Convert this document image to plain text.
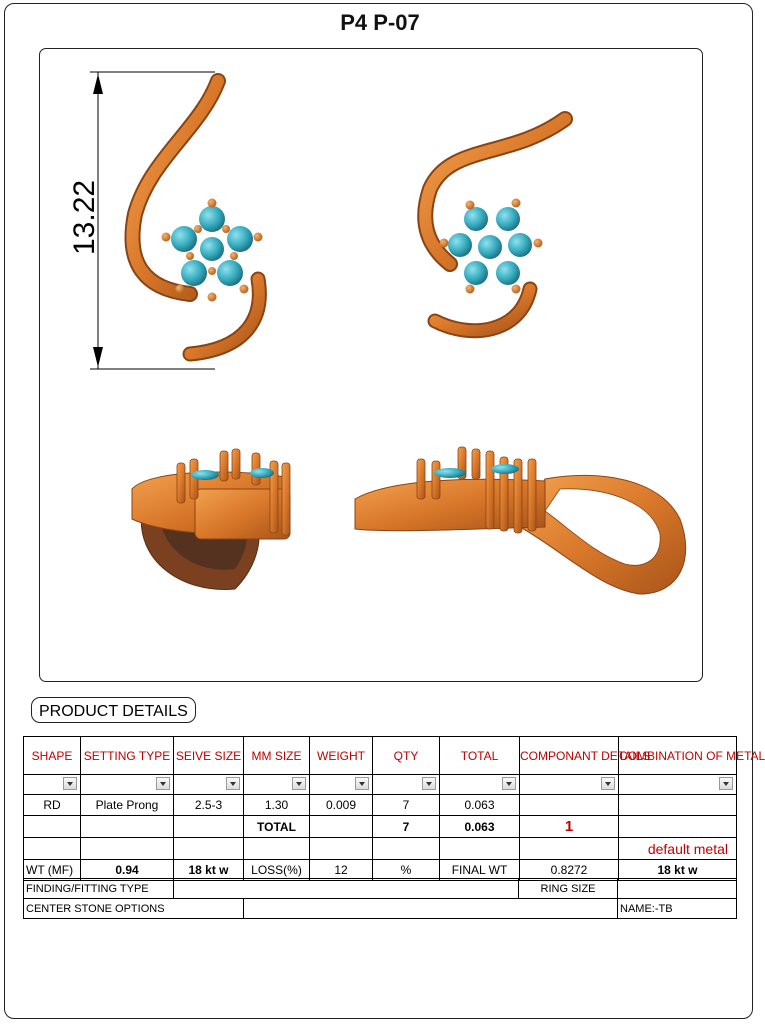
P4 P-07
13.22
PRODUCT DETAILS
SHAPE	SETTING TYPE	SEIVE SIZE	MM SIZE	WEIGHT	QTY	TOTAL	COMPONANT DETAILS	COMBINATION OF METAL

RD	Plate Prong	2.5-3	1.30	0.009	7	0.063		
			TOTAL		7	0.063	1	
								default metal
WT (MF)	0.94	18 kt w	LOSS(%)	12	%	FINAL WT	0.8272	18 kt w
FINDING/FITTING TYPE			RING SIZE	
CENTER STONE OPTIONS				NAME:-TB
